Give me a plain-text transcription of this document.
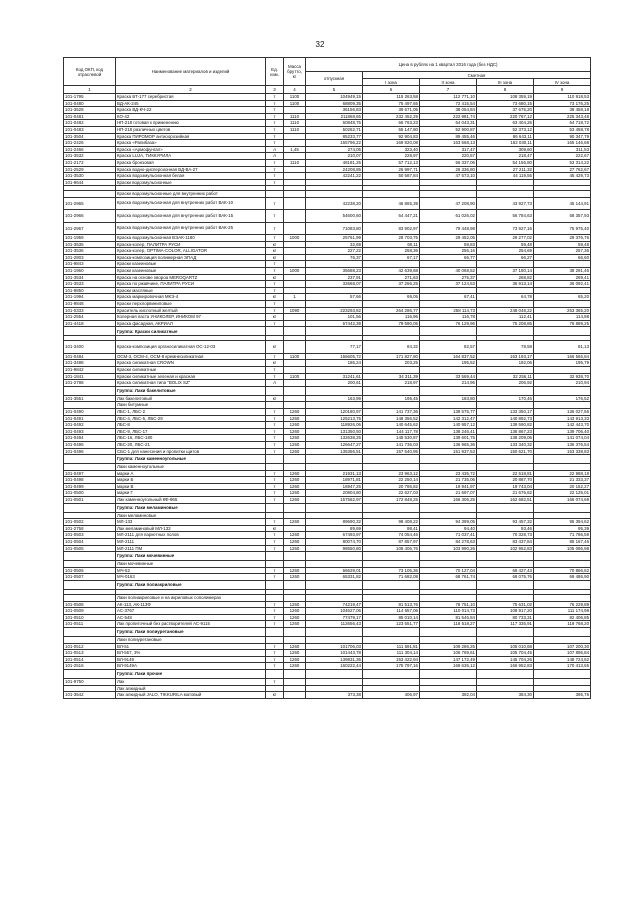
32
Код ОКП, код отраслевой	Наименование материалов и изделий	Ед. изм.	Масса брутто, кг	Цена в рублях на 1 квартал 2016 года (без НДС)				
				отпускная	Сметная			
					I зона	II зона	III зона	IV зона
1	2	3	4	5	6	7	8	9
101-1795	Краска БТ-177 серебристая	т	1100	104949,15	115 263,58	112 771,10	108 359,19	110 918,53
101-0480	ВД-АК-245	т	1100	68809,35	75 497,65	72 415,54	73 680,15	73 176,25
101-3528	Краска ВД-КЧ-22	т		36156,83	39 671,05	38 054,84	37 675,20	38 458,18
101-0481	КО-42	т	1110	211868,65	232 452,29	222 981,74	220 767,12	225 343,48
101-0482	НП-218 готовая к применению	т	1110	60848,75	66 763,23	64 043,31	63 404,26	64 718,72
101-0483	НП-218 различных цветов	т	1110	50262,71	55 147,80	52 900,87	52 373,12	53 458,78
101-3504	Краска ПИРОМОР антиоорозийная	т		85233,77	92 904,83	89 455,46	86 643,11	90 347,79
101-2426	Краска «Рапибаза»	т		155796,22	169 820,08	163 568,13	162 030,11	165 146,68
101-2466	Краска «Армофунгал»	л	1,45	274,05	323,40	317,47	309,60	311,53
101-3532	Краска LUJA, ТИККУРИЛА	л		210,07	228,97	220,57	218,47	222,67
101-2172	Краска бронзовая	т	1110	48181,25	57 712,13	56 337,06	54 156,80	53 314,22
101-2529	Краска водно-дисперсионная ВД-ВА-27	т		24208,85	26 997,71	26 336,80	27 211,32	27 762,67
101-3530	Краска водоэмульсионная белая	т		42241,22	50 587,84	47 573,10	44 119,55	45 429,73
101-9644	Краски водоэмульсионные	т						

	Краски водоэмульсионные для внутренних работ							
101-2965	Краска водоэмульсионная для внутренних работ ВАК-10	т		42238,20	46 865,39	47 208,90	43 927,73	45 144,91
101-2966	Краска водоэмульсионная для внутренних работ ВАК-15	т		54600,60	64 447,21	61 026,02	56 784,63	58 357,93
101-2967	Краска водоэмульсионная для внутренних работ ВАК-25	т		71083,80	83 902,97	79 448,98	73 927,16	75 975,40
101-1959	Краска водоэмульсионная ВЭАК-1180	т	1000	25761,99	28 703,75	29 452,05	29 277,02	29 376,76
101-3535	Краска-колер, ПАЛИТРА РУСИ	кг		32,69	60,11	59,83	59,48	59,48
101-3536	Краска-колер, OPTIMA-COLOR, ALLIGATOR	кг		227,22	258,36	256,16	254,69	257,36
101-2803	Краска-композиция полимерная ЭПАД	кг		76,37	67,17	66,77	66,27	66,60
101-9843	Краски казеиновые	т						
101-1960	Краски казеиновые	т	1000	35688,23	42 639,68	40 068,52	37 180,14	38 291,46
101-3534	Краска на основе хвороа MEROQARTZ	кг		237,91	271,63	275,37	268,82	269,41
101-3533	Краска по ржавчине, ПАЛИТРА РУСИ	т		32668,07	37 266,25	37 124,53	36 913,14	36 092,41
101-9850	Краски масляные	т						
101-1994	Краска маркировочная МКЭ-4	кг	1	57,66	69,05	67,41	64,78	65,20
101-9848	Краски перхлорвиниловые	т						
101-0333	Краситель кислотный желтый	т	1090	223293,82	264 286,77	258 114,73	248 048,22	253 365,20
101-2554	Колерная паста УНИКОЛЕР, ИНИКОМ 97	кг		101,56	116,96	116,78	112,41	114,88
101-4418	Краска фасадная, АКРИАЛ	т		67442,39	79 590,05	76 129,96	75 208,85	76 889,25
	Группа: Краски силикатные							

101-3400	Краска-композиция органосиликатная ОС-12-03	кг		77,17	84,32	82,57	78,58	81,13
101-0484	ОСМ-3, ОСМ-4, ОСМ-8 кремнесиликатная	т	1100	156605,72	171 827,80	164 837,52	163 193,17	166 565,84
101-3498	Краска силикатная CROWN	кг		186,24	203,25	195,52	192,06	195,79
101-9842	Краски силикатные	т						
101-1841	Краски силикатные зеленая и красная	т	1100	31241,61	34 311,39	33 569,44	32 256,11	32 938,70
101-2788	Краска силикатная типа "BOLIX SZ"	л		200,61	218,97	214,96	206,92	210,94
	Группа: Лаки бакелитовые							
101-3551	Лак бакелитовый	кг		163,99	195,45	183,80	170,46	176,52
	Лаки битумные							
101-0490	ЛБС-1, ЛБС-2	т	1260	120180,97	141 737,36	138 575,77	133 350,17	136 027,56
101-0491	ЛБС-4, ЛБС-5, ЛБС-29	т	1260	125213,75	148 356,52	142 312,47	140 892,73	143 913,33
101-0492	ЛБС-8	т	1260	118926,06	140 645,62	140 957,12	139 590,82	142 443,70
101-0493	ЛБС-9, ЛБС-17	т	1260	131350,50	144 117,78	138 246,41	136 867,23	139 706,40
101-0494	ЛБС-16, ЛБС-180	т	1260	132638,25	145 530,87	139 601,75	138 209,06	141 074,04
101-0495	ЛБС-20, ЛБС-21	т	1260	126647,27	141 736,03	136 965,36	133 340,32	136 376,54
101-0496	СБС-1 для нанесения и пропитки щитов	т	1260	135356,51	157 540,95	151 937,53	150 621,70	153 338,83
	Группа: Лаки каменноугольные							
	Лаки каменноугольные							
101-0497	марки А	т	1260	21931,13	23 963,12	23 435,72	22 518,81	22 988,18
101-0498	марки Б	т	1260	18971,81	22 250,14	21 735,06	20 887,70	21 333,37
101-0499	марки В	т	1260	16947,25	20 786,82	19 941,97	19 743,04	20 152,27
101-0500	марки Г	т	1260	20804,80	22 627,03	21 697,07	21 676,62	22 125,01
101-0501	Лак каменноугольный КФ-965	т	1260	157562,97	172 848,25	166 306,25	162 682,51	166 074,69
	Группа: Лаки меламиновые							
	Лаки меламиновые							
101-0502	МЛ-133	т	1260	89690,32	98 408,22	94 399,05	93 457,32	95 394,62
101-2758	Лак меламиновый МЛ-133	кг		89,69	98,41	94,40	93,46	95,39
101-0503	МЛ-2111 для паркетных полов	т	1260	67493,97	74 054,46	71 037,41	70 328,73	71 786,59
101-0504	МЛ-2111	т	1260	80074,70	87 857,97	84 278,63	83 437,84	85 167,46
101-0505	МЛ-2111 ПМ	т	1260	98550,80	108 406,76	103 990,26	102 952,83	105 086,98
	Группа: Лаки мочевинные							
	Лаки мочевинные							
101-0506	МЧ-52	т	1260	66629,01	73 105,36	70 127,04	69 427,43	70 866,62
101-0507	МЧ-0163	т	1260	65331,82	71 682,08	68 761,74	68 075,76	69 486,90
	Группа: Лаки полиакриловые							

	Лаки полиакриловые и на акриловых сополимерах							
101-0508	АК-113, АК-113Ф	т	1260	74219,47	81 513,76	78 751,10	75 631,02	76 229,89
101-0509	АС-3767	т	1260	104627,06	114 657,06	110 014,73	108 917,20	111 174,98
101-0510	АС-548	т	1260	77479,17	85 010,14	81 546,84	80 733,31	82 406,85
101-0511	Лак пропиточный без растворителей АС-9115	т	1260	112656,43	123 551,77	118 518,27	117 335,91	119 768,20
	Группа: Лаки полиуретановые							
	Лаки полиуретановые							
101-0512	ВЛ-51	т	1260	101706,03	111 591,81	109 286,25	105 010,68	107 200,30
101-0513	ВЛ-557, 3%	т	1260	101443,78	111 304,14	106 769,61	105 704,45	107 895,84
101-0514	ВЛ-9149	т	1260	139831,35	153 422,94	147 172,49	145 704,26	148 724,62
101-2516	ВЛ-9149А	т	1260	160222,44	175 797,16	168 635,12	166 952,83	170 413,65
	Группа: Лаки прочие							
101-9750	Лак	т						
	Лак алкидный							
101-3542	Лак алкидный JALO, TIKKURILA матовый	кг		373,38	406,97	392,04	384,30	395,76
